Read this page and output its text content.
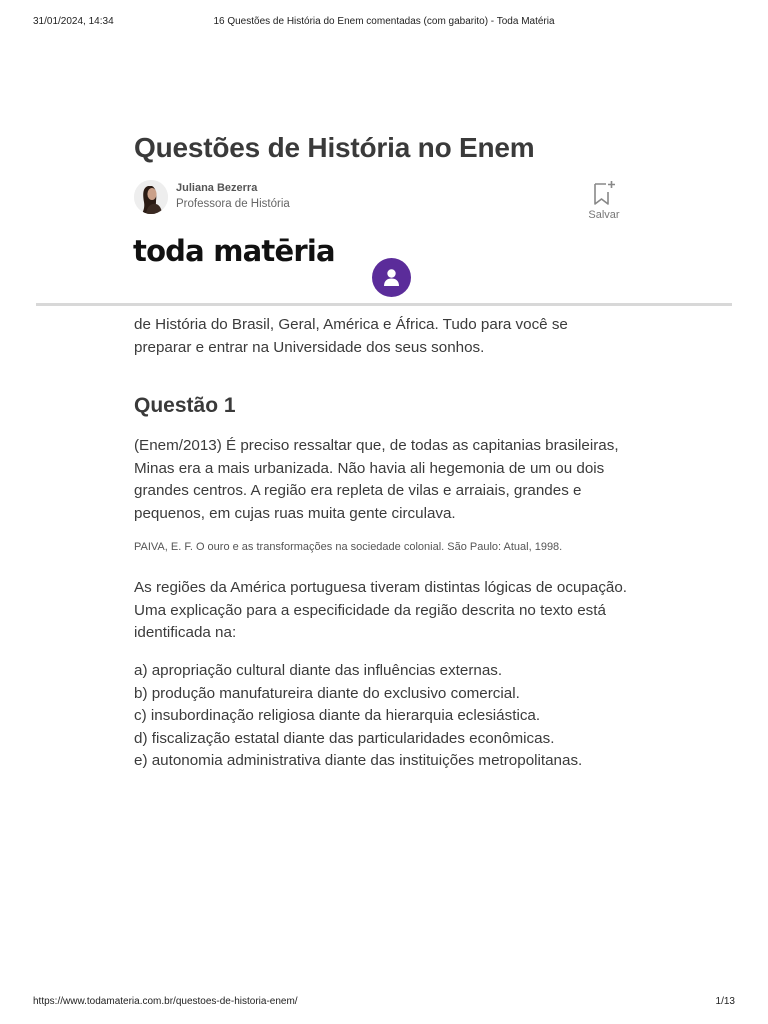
31/01/2024, 14:34	16 Questões de História do Enem comentadas (com gabarito) - Toda Matéria
Questões de História no Enem
Juliana Bezerra
Professora de História
Salvar
toda matēria

de História do Brasil, Geral, América e África. Tudo para você se
preparar e entrar na Universidade dos seus sonhos.

Questão 1

(Enem/2013) É preciso ressaltar que, de todas as capitanias brasileiras, Minas era a mais urbanizada. Não havia ali hegemonia de um ou dois grandes centros. A região era repleta de vilas e arraiais, grandes e pequenos, em cujas ruas muita gente circulava.

PAIVA, E. F. O ouro e as transformações na sociedade colonial. São Paulo: Atual, 1998.

As regiões da América portuguesa tiveram distintas lógicas de ocupação. Uma explicação para a especificidade da região descrita no texto está identificada na:

a) apropriação cultural diante das influências externas.
b) produção manufatureira diante do exclusivo comercial.
c) insubordinação religiosa diante da hierarquia eclesiástica.
d) fiscalização estatal diante das particularidades econômicas.
e) autonomia administrativa diante das instituições metropolitanas.
https://www.todamateria.com.br/questoes-de-historia-enem/	1/13
